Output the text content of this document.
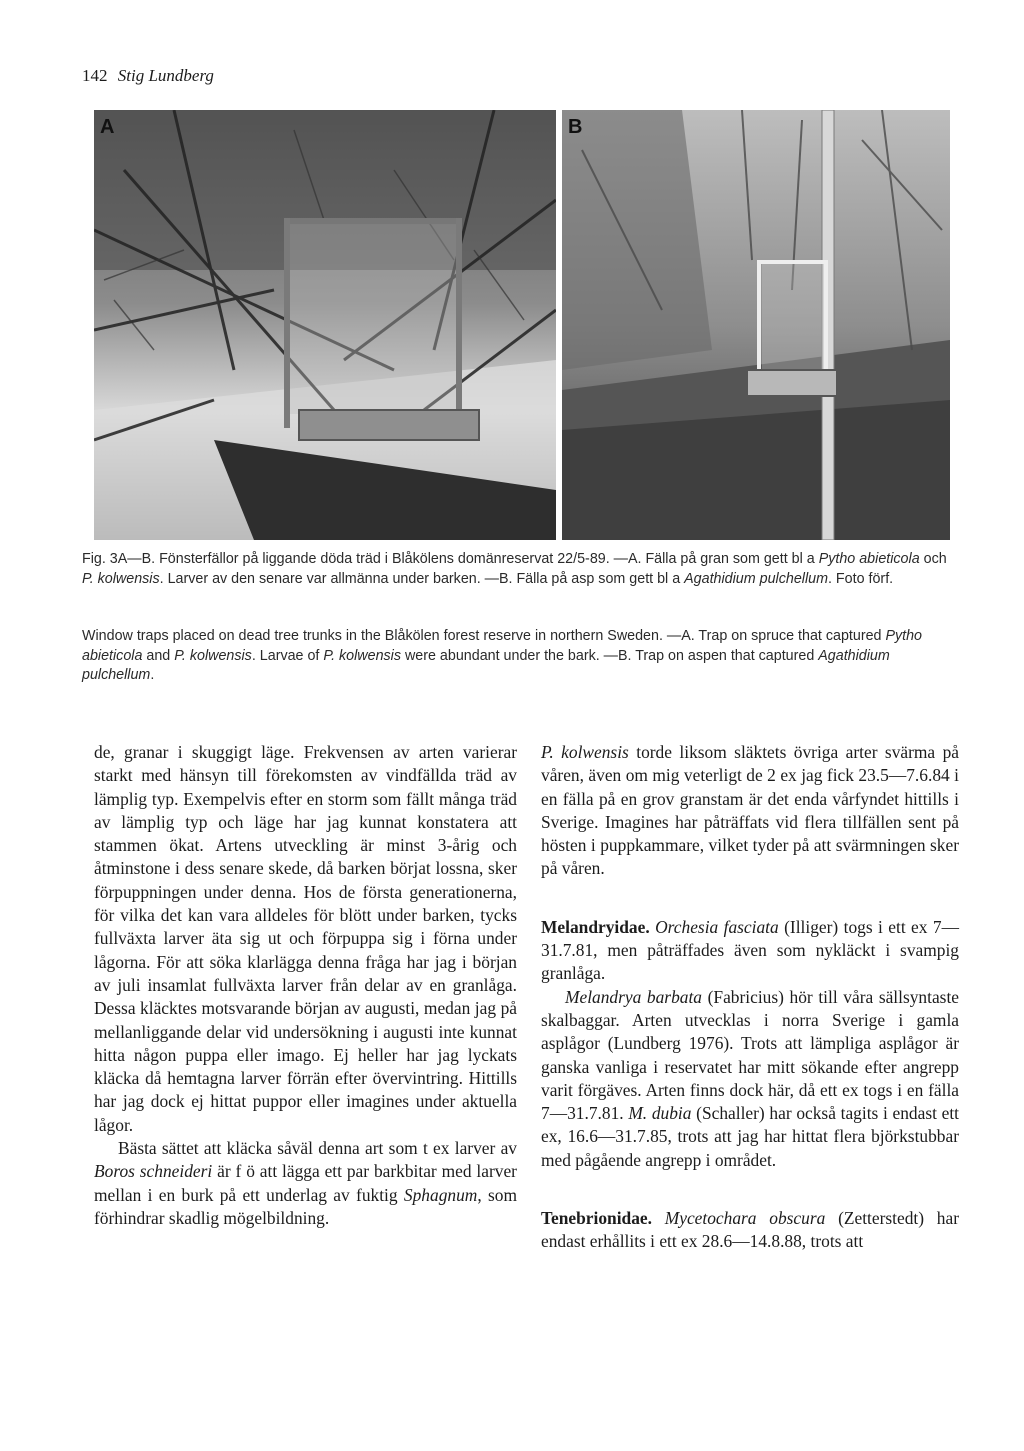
142 Stig Lundberg
A	B
Fig. 3A—B. Fönsterfällor på liggande döda träd i Blåkölens domänreservat 22/5-89. —A. Fälla på gran som gett bl a Pytho abieticola och P. kolwensis. Larver av den senare var allmänna under barken. —B. Fälla på asp som gett bl a Agathidium pulchellum. Foto förf.
Window traps placed on dead tree trunks in the Blåkölen forest reserve in northern Sweden. —A. Trap on spruce that captured Pytho abieticola and P. kolwensis. Larvae of P. kolwensis were abundant under the bark. —B. Trap on aspen that captured Agathidium pulchellum.

de, granar i skuggigt läge. Frekvensen av arten varierar starkt med hänsyn till förekomsten av vindfällda träd av lämplig typ. Exempelvis efter en storm som fällt många träd av lämplig typ och läge har jag kunnat konstatera att stammen ökat. Artens utveckling är minst 3-årig och åtminstone i dess senare skede, då barken börjat lossna, sker förpuppningen under denna. Hos de första generationerna, för vilka det kan vara alldeles för blött under barken, tycks fullväxta larver äta sig ut och förpuppa sig i förna under lågorna. För att söka klarlägga denna fråga har jag i början av juli insamlat fullväxta larver från delar av en granlåga. Dessa kläcktes motsvarande början av augusti, medan jag på mellanliggande delar vid undersökning i augusti inte kunnat hitta någon puppa eller imago. Ej heller har jag lyckats kläcka då hemtagna larver förrän efter övervintring. Hittills har jag dock ej hittat puppor eller imagines under aktuella lågor.

Bästa sättet att kläcka såväl denna art som t ex larver av Boros schneideri är f ö att lägga ett par barkbitar med larver mellan i en burk på ett underlag av fuktig Sphagnum, som förhindrar skadlig mögelbildning.

P. kolwensis torde liksom släktets övriga arter svärma på våren, även om mig veterligt de 2 ex jag fick 23.5—7.6.84 i en fälla på en grov granstam är det enda vårfyndet hittills i Sverige. Imagines har påträffats vid flera tillfällen sent på hösten i puppkammare, vilket tyder på att svärmningen sker på våren.

Melandryidae. Orchesia fasciata (Illiger) togs i ett ex 7—31.7.81, men påträffades även som nykläckt i svampig granlåga.

Melandrya barbata (Fabricius) hör till våra sällsyntaste skalbaggar. Arten utvecklas i norra Sverige i gamla asplågor (Lundberg 1976). Trots att lämpliga asplågor är ganska vanliga i reservatet har mitt sökande efter angrepp varit förgäves. Arten finns dock här, då ett ex togs i en fälla 7—31.7.81. M. dubia (Schaller) har också tagits i endast ett ex, 16.6—31.7.85, trots att jag har hittat flera björkstubbar med pågående angrepp i området.

Tenebrionidae. Mycetochara obscura (Zetterstedt) har endast erhållits i ett ex 28.6—14.8.88, trots att
